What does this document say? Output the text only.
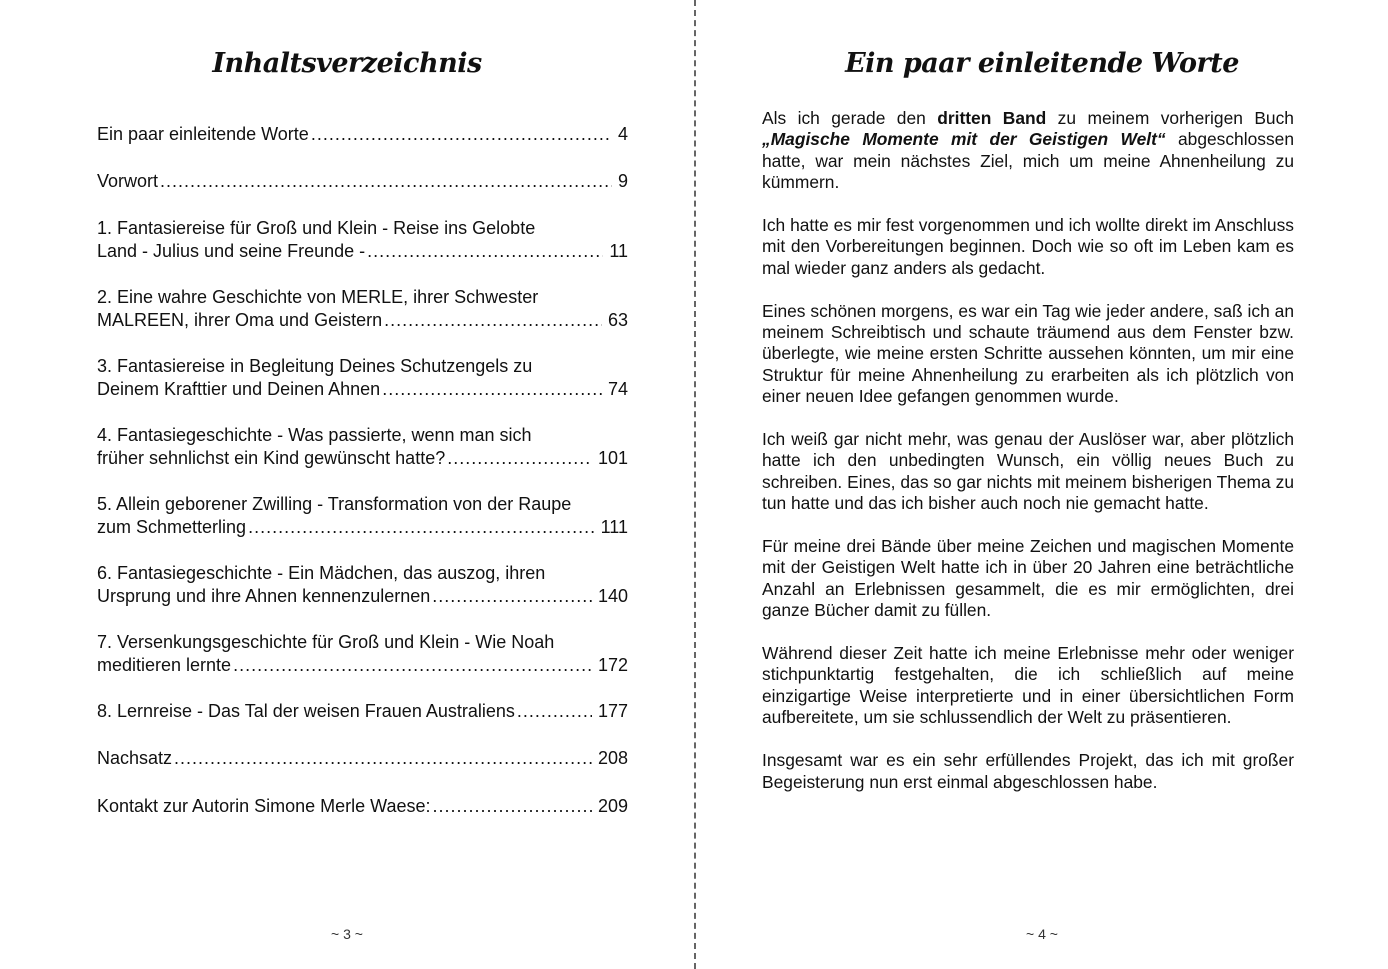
Inhaltsverzeichnis
Ein paar einleitende Worte .....	4
Vorwort .....	9
1. Fantasiereise für Groß und Klein - Reise ins Gelobte
Land - Julius und seine Freunde - .....	11
2. Eine wahre Geschichte von MERLE, ihrer Schwester
MALREEN, ihrer Oma und Geistern .....	63
3. Fantasiereise in Begleitung Deines Schutzengels zu
Deinem Krafttier und Deinen Ahnen .....	74
4. Fantasiegeschichte - Was passierte, wenn man sich
früher sehnlichst ein Kind gewünscht hatte? .....	101
5. Allein geborener Zwilling - Transformation von der Raupe
zum Schmetterling .....	111
6. Fantasiegeschichte - Ein Mädchen, das auszog, ihren
Ursprung und ihre Ahnen kennenzulernen .....	140
7. Versenkungsgeschichte für Groß und Klein - Wie Noah
meditieren lernte .....	172
8. Lernreise - Das Tal der weisen Frauen Australiens .....	177
Nachsatz .....	208
Kontakt zur Autorin Simone Merle Waese: .....	209
~ 3 ~
Ein paar einleitende Worte

Als ich gerade den dritten Band zu meinem vorherigen Buch „Magische Momente mit der Geistigen Welt“ abgeschlossen hatte, war mein nächstes Ziel, mich um meine Ahnenheilung zu kümmern.

Ich hatte es mir fest vorgenommen und ich wollte direkt im Anschluss mit den Vorbereitungen beginnen. Doch wie so oft im Leben kam es mal wieder ganz anders als gedacht.

Eines schönen morgens, es war ein Tag wie jeder andere, saß ich an meinem Schreibtisch und schaute träumend aus dem Fenster bzw. überlegte, wie meine ersten Schritte aussehen könnten, um mir eine Struktur für meine Ahnenheilung zu erarbeiten als ich plötzlich von einer neuen Idee gefangen genommen wurde.

Ich weiß gar nicht mehr, was genau der Auslöser war, aber plötzlich hatte ich den unbedingten Wunsch, ein völlig neues Buch zu schreiben. Eines, das so gar nichts mit meinem bisherigen Thema zu tun hatte und das ich bisher auch noch nie gemacht hatte.

Für meine drei Bände über meine Zeichen und magischen Momente mit der Geistigen Welt hatte ich in über 20 Jahren eine beträchtliche Anzahl an Erlebnissen gesammelt, die es mir ermöglichten, drei ganze Bücher damit zu füllen.

Während dieser Zeit hatte ich meine Erlebnisse mehr oder weniger stichpunktartig festgehalten, die ich schließlich auf meine einzigartige Weise interpretierte und in einer übersichtlichen Form aufbereitete, um sie schlussendlich der Welt zu präsentieren.

Insgesamt war es ein sehr erfüllendes Projekt, das ich mit großer Begeisterung nun erst einmal abgeschlossen habe.

~ 4 ~
